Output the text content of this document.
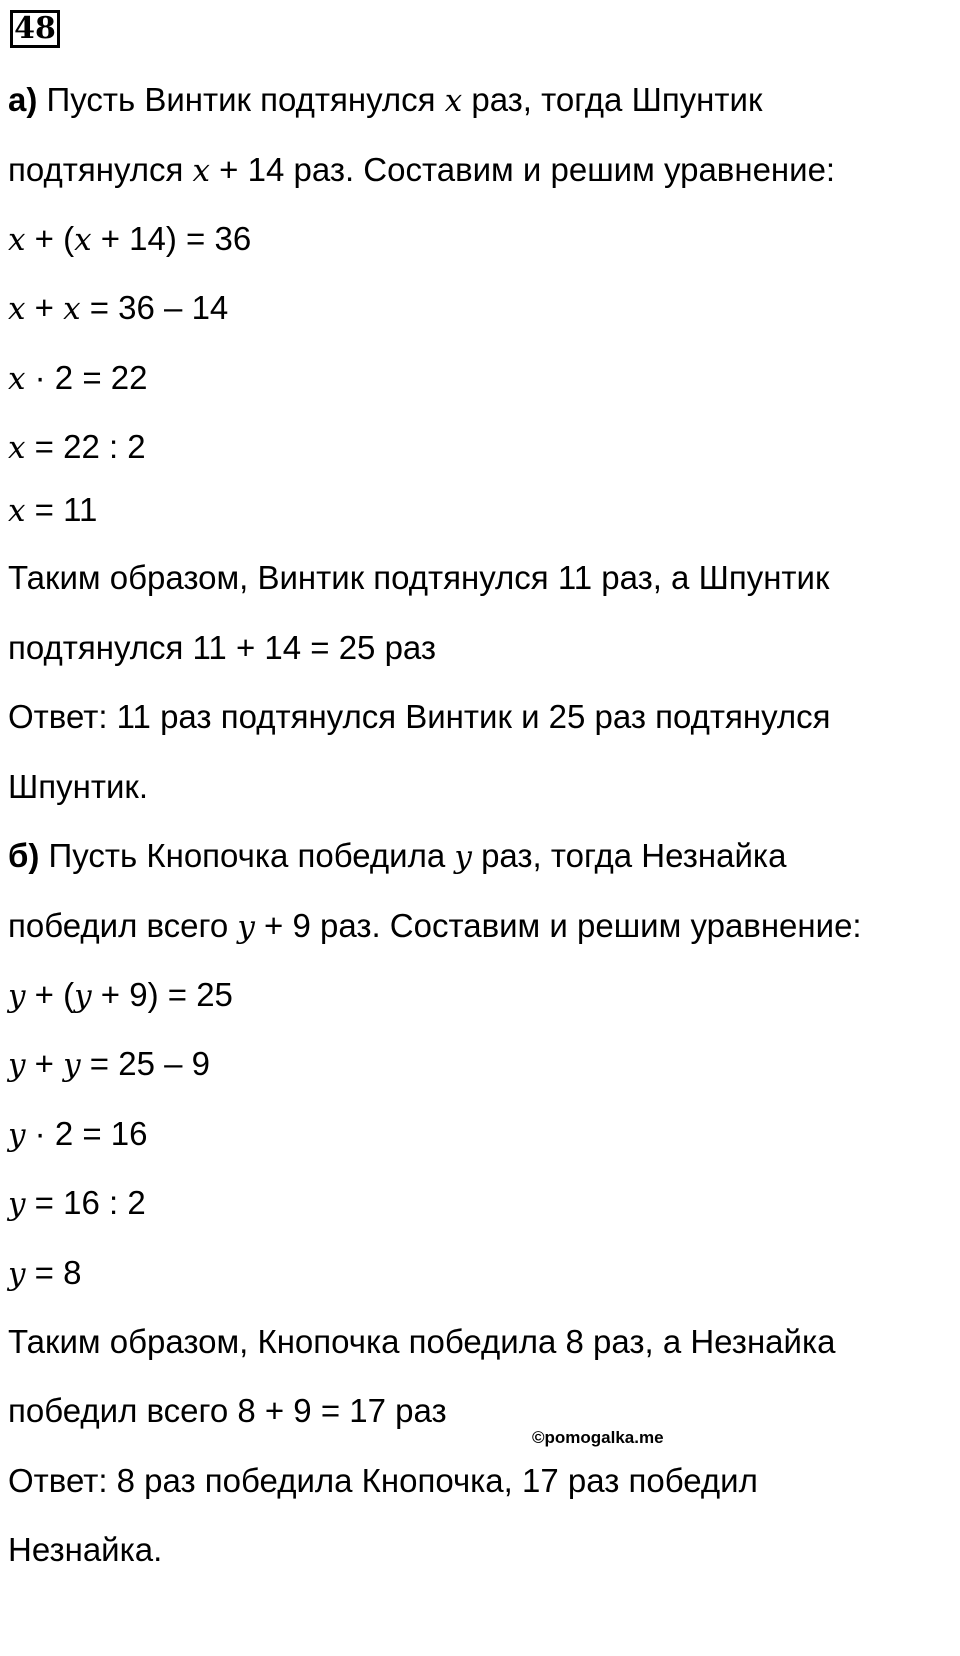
48
а) Пусть Винтик подтянулся x раз, тогда Шпунтик
подтянулся x + 14 раз. Составим и решим уравнение:
x + (x + 14) = 36
x + x = 36 – 14
x · 2 = 22
x = 22 : 2
x = 11
Таким образом, Винтик подтянулся 11 раз, а Шпунтик
подтянулся 11 + 14 = 25 раз
Ответ: 11 раз подтянулся Винтик и 25 раз подтянулся
Шпунтик.
б) Пусть Кнопочка победила y раз, тогда Незнайка
победил всего y + 9 раз. Составим и решим уравнение:
y + (y + 9) = 25
y + y = 25 – 9
y · 2 = 16
y = 16 : 2
y = 8
Таким образом, Кнопочка победила 8 раз, а Незнайка
победил всего 8 + 9 = 17 раз
©pomogalka.me
Ответ: 8 раз победила Кнопочка, 17 раз победил
Незнайка.
